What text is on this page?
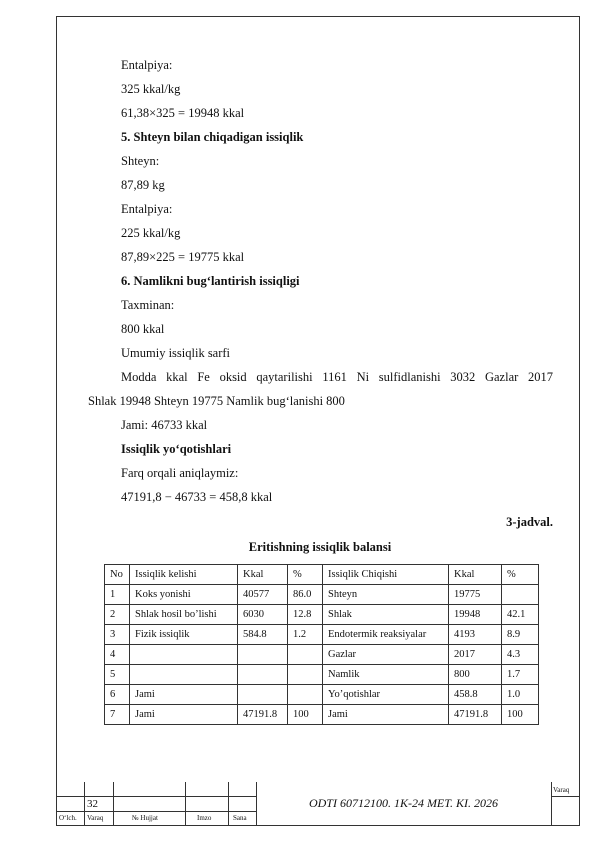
Entalpiya:
325 kkal/kg
61,38×325 = 19948 kkal
5. Shteyn bilan chiqadigan issiqlik
Shteyn:
87,89 kg
Entalpiya:
225 kkal/kg
87,89×225 = 19775 kkal
6. Namlikni bug‘lantirish issiqligi
Taxminan:
800 kkal
Umumiy issiqlik sarfi
Modda kkal Fe oksid qaytarilishi 1161 Ni sulfidlanishi 3032 Gazlar 2017
Shlak 19948 Shteyn 19775 Namlik bug‘lanishi 800
Jami: 46733 kkal
Issiqlik yo‘qotishlari
Farq orqali aniqlaymiz:
47191,8 − 46733 = 458,8 kkal
3-jadval.
Eritishning issiqlik balansi
No	Issiqlik kelishi	Kkal	%	Issiqlik Chiqishi	Kkal	%
1	Koks yonishi	40577	86.0	Shteyn	19775	
2	Shlak hosil bo’lishi	6030	12.8	Shlak	19948	42.1
3	Fizik issiqlik	584.8	1.2	Endotermik reaksiyalar	4193	8.9
4				Gazlar	2017	4.3
5				Namlik	800	1.7
6	Jami			Yo’qotishlar	458.8	1.0
7	Jami	47191.8	100	Jami	47191.8	100
32	ODTI 60712100. 1K-24 MET. KI. 2026
Varaq
O‘lch. Varaq	№ Hujjat	Imzo	Sana
